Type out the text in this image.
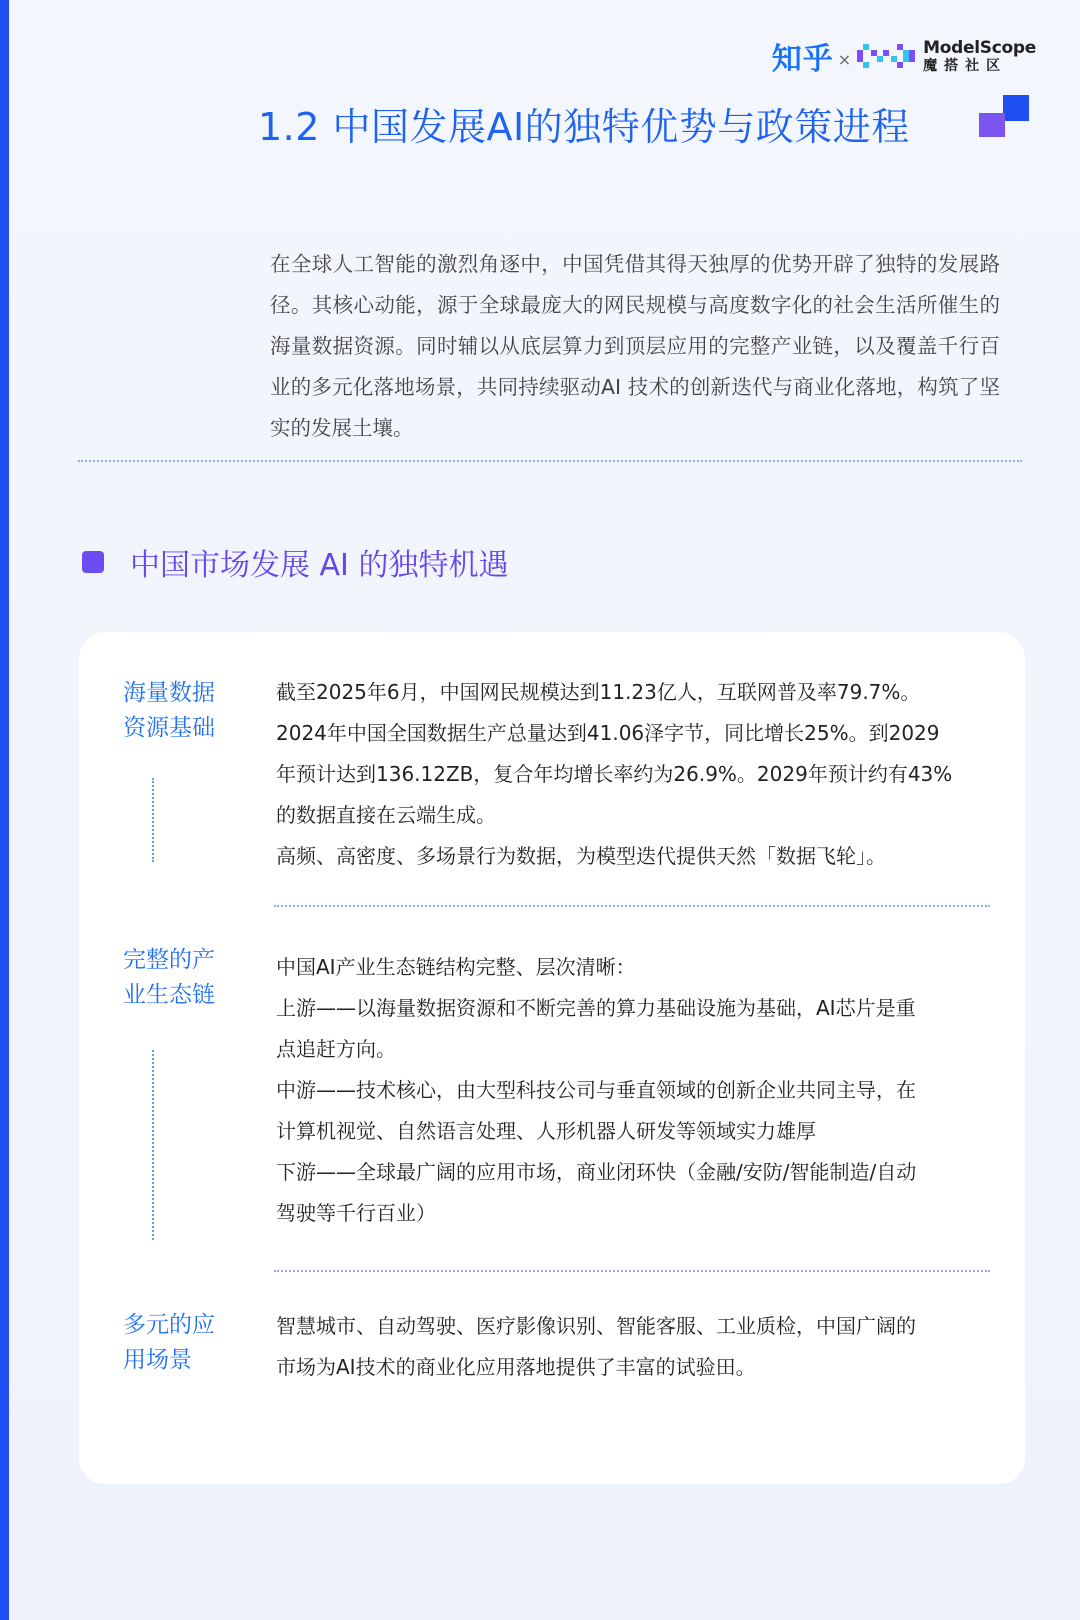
知乎 ×
ModelScope
魔搭社区
1.2 中国发展AI的独特优势与政策进程
在全球人工智能的激烈角逐中，中国凭借其得天独厚的优势开辟了独特的发展路径。其核心动能，源于全球最庞大的网民规模与高度数字化的社会生活所催生的海量数据资源。同时辅以从底层算力到顶层应用的完整产业链，以及覆盖千行百业的多元化落地场景，共同持续驱动AI 技术的创新迭代与商业化落地，构筑了坚实的发展土壤。
中国市场发展 AI 的独特机遇
海量数据
资源基础
截至2025年6月，中国网民规模达到11.23亿人，互联网普及率79.7%。
2024年中国全国数据生产总量达到41.06泽字节，同比增长25%。到2029
年预计达到136.12ZB，复合年均增长率约为26.9%。2029年预计约有43%
的数据直接在云端生成。
高频、高密度、多场景行为数据，为模型迭代提供天然「数据飞轮」。
完整的产
业生态链
中国AI产业生态链结构完整、层次清晰：
上游——以海量数据资源和不断完善的算力基础设施为基础，AI芯片是重
点追赶方向。
中游——技术核心，由大型科技公司与垂直领域的创新企业共同主导，在
计算机视觉、自然语言处理、人形机器人研发等领域实力雄厚
下游——全球最广阔的应用市场，商业闭环快（金融/安防/智能制造/自动
驾驶等千行百业）
多元的应
用场景
智慧城市、自动驾驶、医疗影像识别、智能客服、工业质检，中国广阔的
市场为AI技术的商业化应用落地提供了丰富的试验田。
